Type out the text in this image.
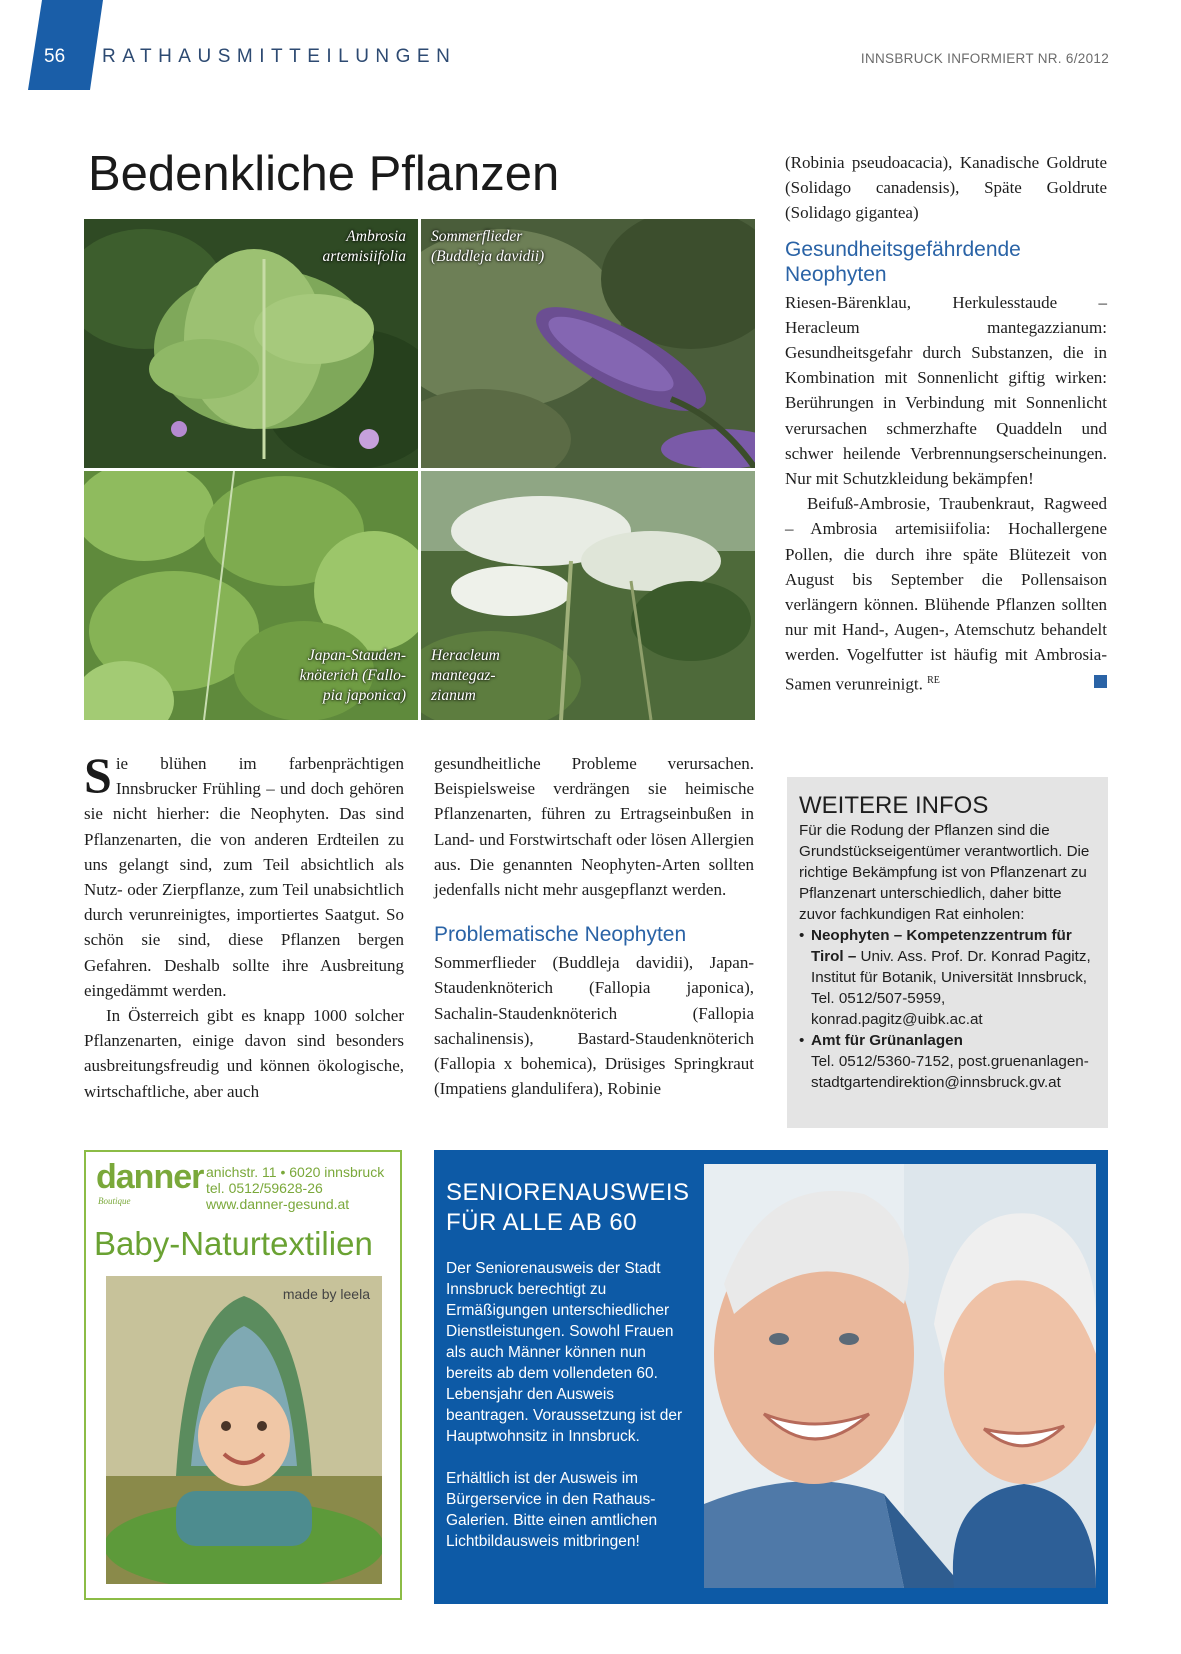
56 RATHAUSMITTEILUNGEN	INNSBRUCK INFORMIERT NR. 6/2012
Bedenkliche Pflanzen
Ambrosia
artemisiifolia
Sommerflieder
(Buddleja davidii)
Japan-Stauden-
knöterich (Fallo-
pia japonica)
Heracleum
mantegaz-
zianum

Sie blühen im farbenprächtigen Innsbrucker Frühling – und doch gehören sie nicht hierher: die Neophyten. Das sind Pflanzenarten, die von anderen Erdteilen zu uns gelangt sind, zum Teil absichtlich als Nutz- oder Zierpflanze, zum Teil unabsichtlich durch verunreinigtes, importiertes Saatgut. So schön sie sind, diese Pflanzen bergen Gefahren. Deshalb sollte ihre Ausbreitung eingedämmt werden.

In Österreich gibt es knapp 1000 solcher Pflanzenarten, einige davon sind besonders ausbreitungsfreudig und können ökologische, wirtschaftliche, aber auch

gesundheitliche Probleme verursachen. Beispielsweise verdrängen sie heimische Pflanzenarten, führen zu Ertragseinbußen in Land- und Forstwirtschaft oder lösen Allergien aus. Die genannten Neophyten-Arten sollten jedenfalls nicht mehr ausgepflanzt werden.

Problematische Neophyten

Sommerflieder (Buddleja davidii), Japan-Staudenknöterich (Fallopia japonica), Sachalin-Staudenknöterich (Fallopia sachalinensis), Bastard-Staudenknöterich (Fallopia x bohemica), Drüsiges Springkraut (Impatiens glandulifera), Robinie

(Robinia pseudoacacia), Kanadische Goldrute (Solidago canadensis), Späte Goldrute (Solidago gigantea)

Gesundheitsgefährdende
Neophyten

Riesen-Bärenklau, Herkulesstaude – Heracleum mantegazzianum: Gesundheitsgefahr durch Substanzen, die in Kombination mit Sonnenlicht giftig wirken: Berührungen in Verbindung mit Sonnenlicht verursachen schmerzhafte Quaddeln und schwer heilende Verbrennungserscheinungen. Nur mit Schutzkleidung bekämpfen!

Beifuß-Ambrosie, Traubenkraut, Ragweed – Ambrosia artemisiifolia: Hochallergene Pollen, die durch ihre späte Blütezeit von August bis September die Pollensaison verlängern können. Blühende Pflanzen sollten nur mit Hand-, Augen-, Atemschutz behandelt werden. Vogelfutter ist häufig mit Ambrosia-Samen verunreinigt. $^{RE}$

WEITERE INFOS
Für die Rodung der Pflanzen sind die Grundstückseigentümer verantwortlich. Die richtige Bekämpfung ist von Pflanzenart zu Pflanzenart unterschiedlich, daher bitte zuvor fachkundigen Rat einholen:
• Neophyten – Kompetenzzentrum für Tirol – Univ. Ass. Prof. Dr. Konrad Pagitz, Institut für Botanik, Universität Innsbruck, Tel. 0512/507-5959, konrad.pagitz@uibk.ac.at
• Amt für Grünanlagen
Tel. 0512/5360-7152, post.gruenanlagen-stadtgartendirektion@innsbruck.gv.at
danner
Boutique
anichstr. 11 • 6020 innsbruck
tel. 0512/59628-26
www.danner-gesund.at
Baby-Naturtextilien
made by leela
SENIORENAUSWEIS
FÜR ALLE AB 60

Der Seniorenausweis der Stadt Innsbruck berechtigt zu Ermäßigungen unterschiedlicher Dienstleistungen. Sowohl Frauen als auch Männer können nun bereits ab dem vollendeten 60. Lebensjahr den Ausweis beantragen. Voraussetzung ist der Hauptwohnsitz in Innsbruck.

Erhältlich ist der Ausweis im Bürgerservice in den Rathaus-Galerien. Bitte einen amtlichen Lichtbildausweis mitbringen!
